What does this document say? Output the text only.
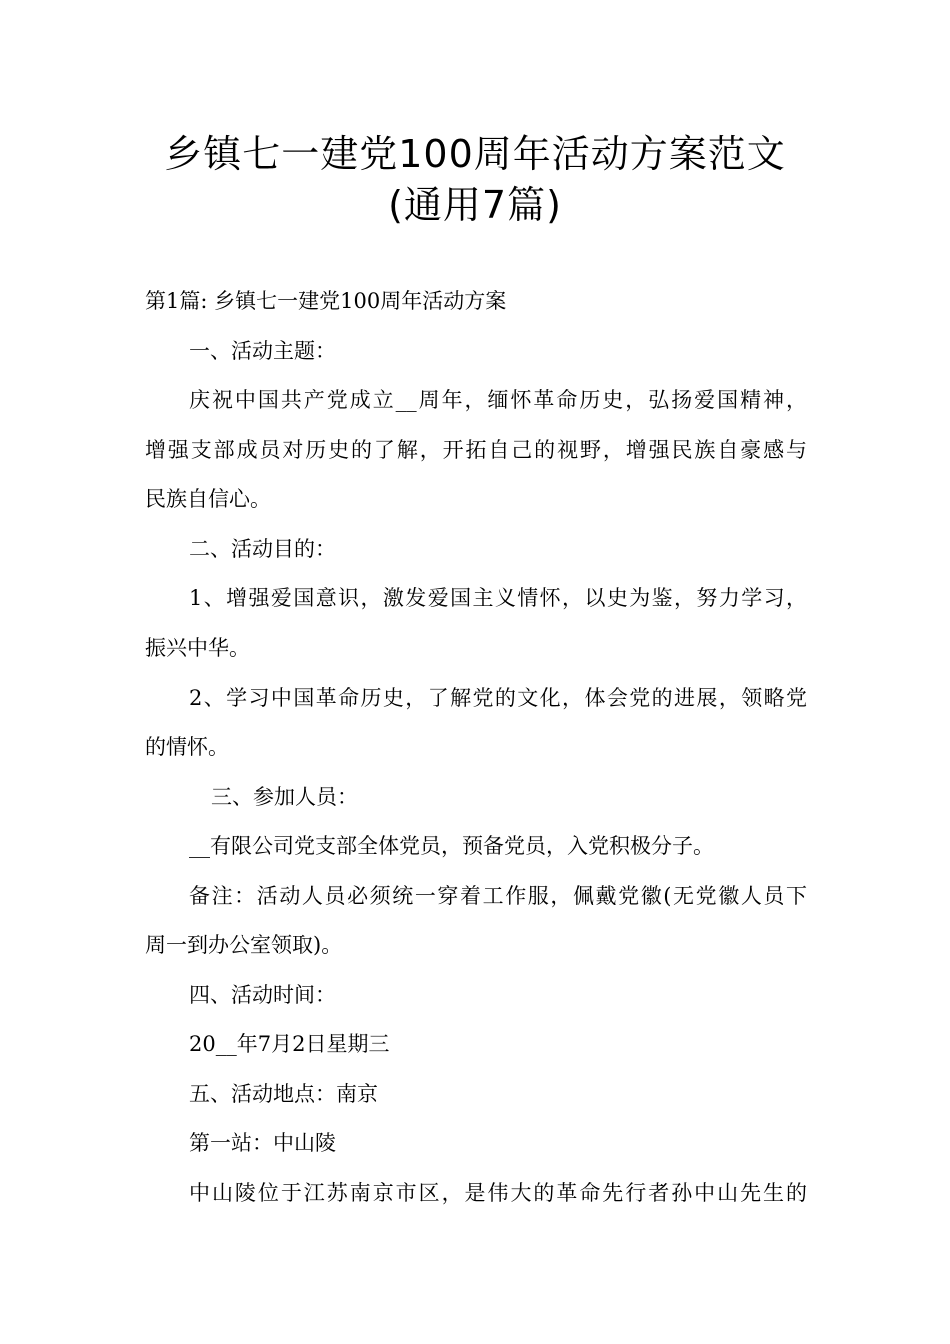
乡镇七一建党100周年活动方案范文
(通用7篇)
第1篇: 乡镇七一建党100周年活动方案
一、活动主题：
庆祝中国共产党成立__周年，缅怀革命历史，弘扬爱国精神，
增强支部成员对历史的了解，开拓自己的视野，增强民族自豪感与
民族自信心。
二、活动目的：
1、增强爱国意识，激发爱国主义情怀，以史为鉴，努力学习，
振兴中华。
2、学习中国革命历史，了解党的文化，体会党的进展，领略党
的情怀。
三、参加人员：
__有限公司党支部全体党员，预备党员，入党积极分子。
备注：活动人员必须统一穿着工作服，佩戴党徽(无党徽人员下
周一到办公室领取)。
四、活动时间：
20__年7月2日星期三
五、活动地点：南京
第一站：中山陵
中山陵位于江苏南京市区，是伟大的革命先行者孙中山先生的
